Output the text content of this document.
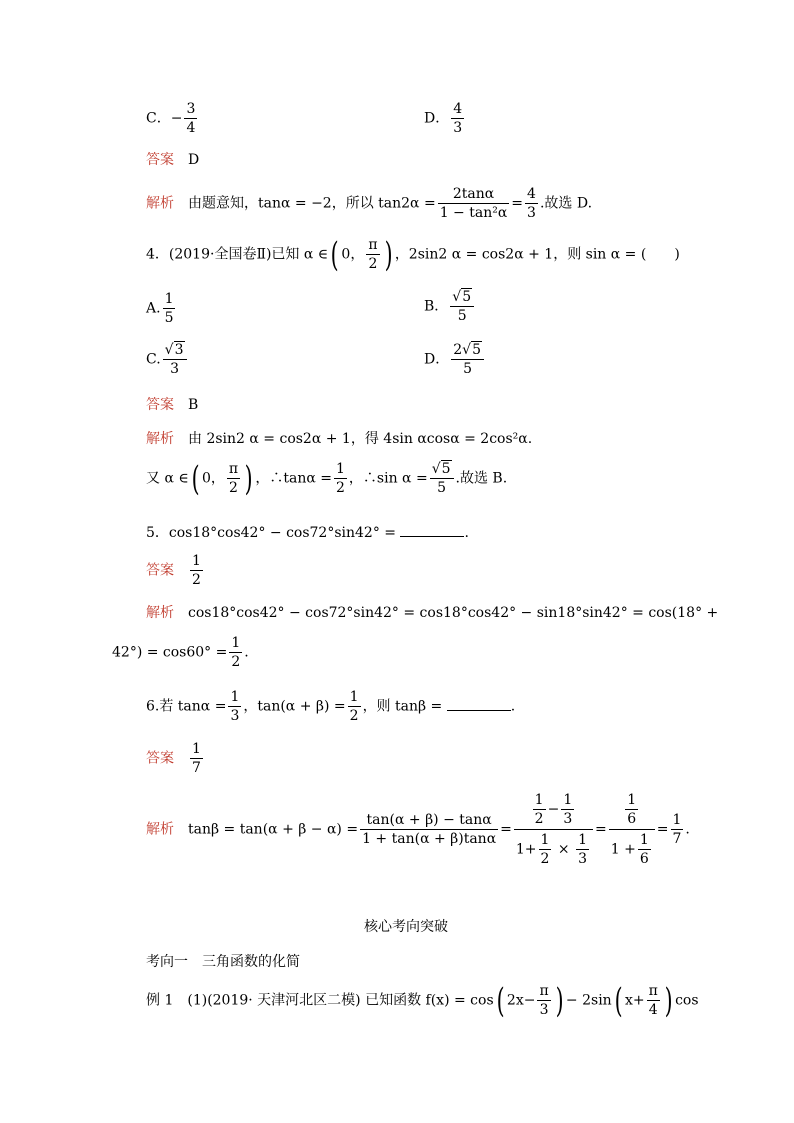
C．− $\frac{3}{4}$	D． $\frac{4}{3}$
答案　 D
解析　 由题意知，tanα = −2，所以 $\tan 2\alpha = \frac{2\tan\alpha}{\text{1 − tan²α}} = \frac{4}{3}$ .故选 D.
4．(2019·全国卷Ⅱ)已知 α ∈( 0， $\frac{\pi}{2}$ ) ，2sin2 α = cos2α + 1，则 sin α = (　　)
A. $\frac{1}{5}$	B． $\frac{√5}{5}$
C. $\frac{√3}{3}$	D． $\frac{2√5}{5}$
答案　 B
解析　 由 2sin2 α = cos2α + 1，得 4sin αcosα = 2cos²α.
又 α ∈( 0， $\frac{\pi}{2}$ ) ，∴tanα = $\frac{1}{2}$ ，∴sin $\alpha = \frac{√5}{5}$ .故选 B.
5．cos18°cos42° − cos72°sin42° =	.
答案　 $\frac{1}{2}$
解析　 cos18°cos42° − cos72°sin42° = cos18°cos42° − sin18°sin42° = cos(18° +
$42^\circ) = \cos 60^\circ = \frac{1}{2}$ .
6.若 $\tan\alpha = \frac{1}{3}$ ，$\tan(\alpha + \beta) = \frac{1}{2}$ ，则 tanβ =	.
答案　 $\frac{1}{7}$
解析　 $\tan\beta = \tan(\alpha + \beta - \alpha) = \frac{\tan(\alpha + \beta) - \tan\alpha}{1 + \tan(\alpha + \beta)\tan\alpha} = \frac{\frac{1}{2} - \frac{1}{3}}{1+ \frac{1}{2} \times \frac{1}{3}} = \frac{\frac{1}{6}}{1 + \frac{1}{6}} = \frac{1}{7}$ .
核心考向突破
考向一　三角函数的化简
例 1　(1)(2019· 天津河北区二模) 已知函数 f(x) = cos( $2x- \frac{\pi}{3}$ ) − 2sin( $x+ \frac{\pi}{4}$ ) cos
